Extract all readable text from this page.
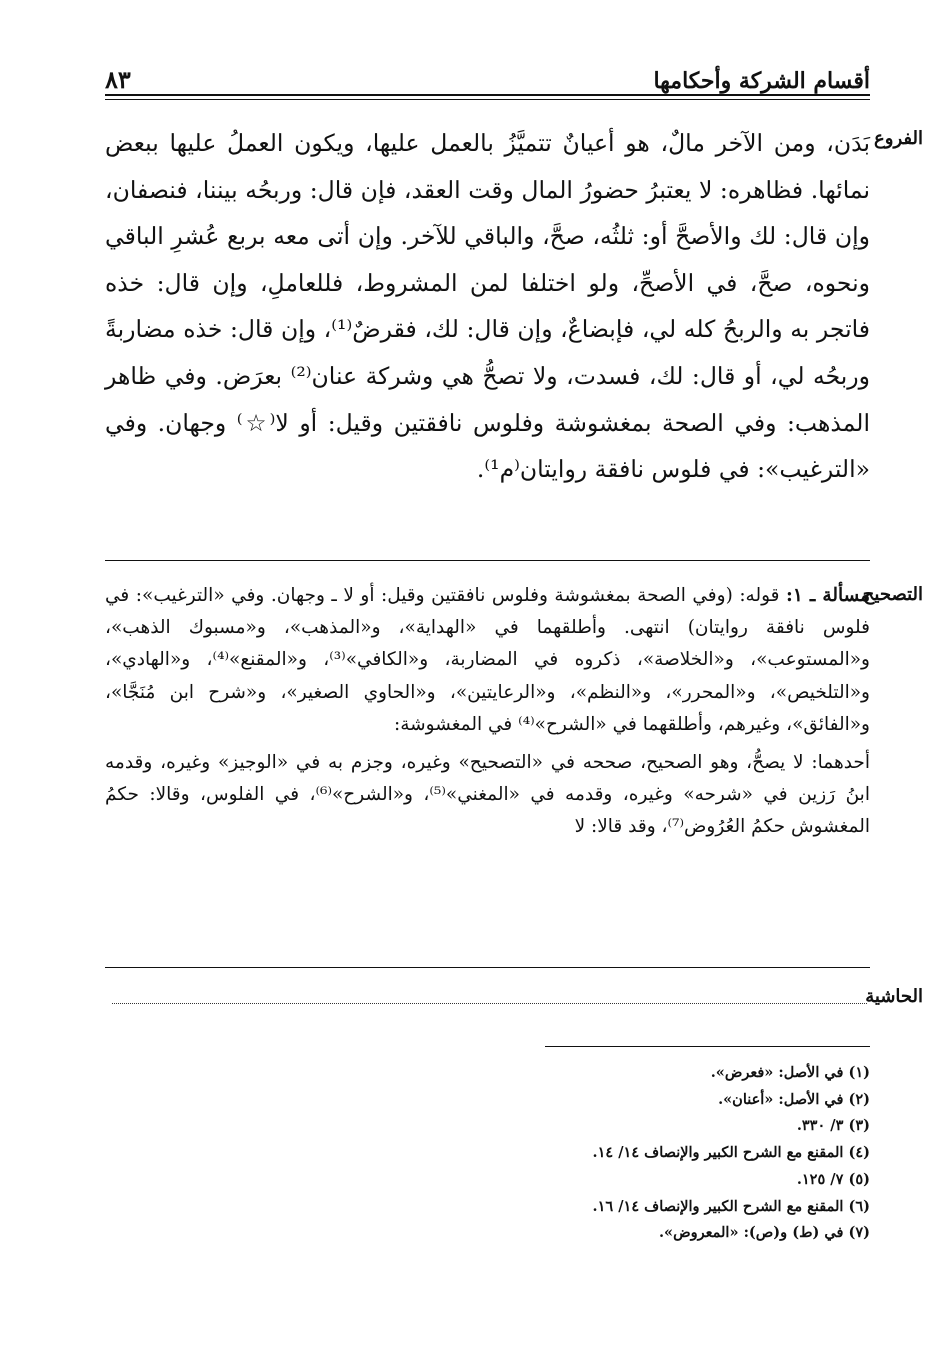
أقسام الشركة وأحكامها
٨٣
الفروع
بَدَن، ومن الآخر مالٌ، هو أعيانٌ تتميَّزُ بالعمل عليها، ويكون العملُ عليها ببعض نمائها. فظاهره: لا يعتبرُ حضورُ المال وقت العقد، فإن قال: وربحُه بيننا، فنصفان، وإن قال: لك والأصحَّ أو: ثلثُه، صحَّ، والباقي للآخر. وإن أتى معه بربع عُشرِ الباقي ونحوه، صحَّ، في الأصحِّ، ولو اختلفا لمن المشروط، فللعاملِ، وإن قال: خذه فاتجر به والربحُ كله لي، فإبضاعٌ، وإن قال: لك، فقرضٌ⁽¹⁾، وإن قال: خذه مضاربةً وربحُه لي، أو قال: لك، فسدت، ولا تصحُّ هي وشركة عنان⁽²⁾ بعرَض. وفي ظاهر المذهب: وفي الصحة بمغشوشة وفلوس نافقتين وقيل: أو لا⁽☆⁾ وجهان. وفي «الترغيب»: في فلوس نافقة روايتان⁽م¹⁾.
التصحيح

مسألة ـ ١: قوله: (وفي الصحة بمغشوشة وفلوس نافقتين وقيل: أو لا ـ وجهان. وفي «الترغيب»: في فلوس نافقة روايتان) انتهى. وأطلقهما في «الهداية»، و«المذهب»، و«مسبوك الذهب»، و«المستوعب»، و«الخلاصة»، ذكروه في المضاربة، و«الكافي»⁽³⁾، و«المقنع»⁽⁴⁾، و«الهادي»، و«التلخيص»، و«المحرر»، و«النظم»، و«الرعايتين»، و«الحاوي الصغير»، و«شرح ابن مُنَجَّا»، و«الفائق»، وغيرهم، وأطلقهما في «الشرح»⁽⁴⁾ في المغشوشة:

أحدهما: لا يصحُّ، وهو الصحيح، صححه في «التصحيح» وغيره، وجزم به في «الوجيز» وغيره، وقدمه ابنُ رَزين في «شرحه» وغيره، وقدمه في «المغني»⁽⁵⁾، و«الشرح»⁽⁶⁾، في الفلوس، وقالا: حكمُ المغشوش حكمُ العُرُوض⁽⁷⁾، وقد قالا: لا

الحاشية
(١) في الأصل: «فعرض».
(٢) في الأصل: «أعنان».
(٣) ٣/ ٣٣٠.
(٤) المقنع مع الشرح الكبير والإنصاف ١٤/ ١٤.
(٥) ٧/ ١٢٥.
(٦) المقنع مع الشرح الكبير والإنصاف ١٤/ ١٦.
(٧) في (ط) و(ص): «المعروض».
